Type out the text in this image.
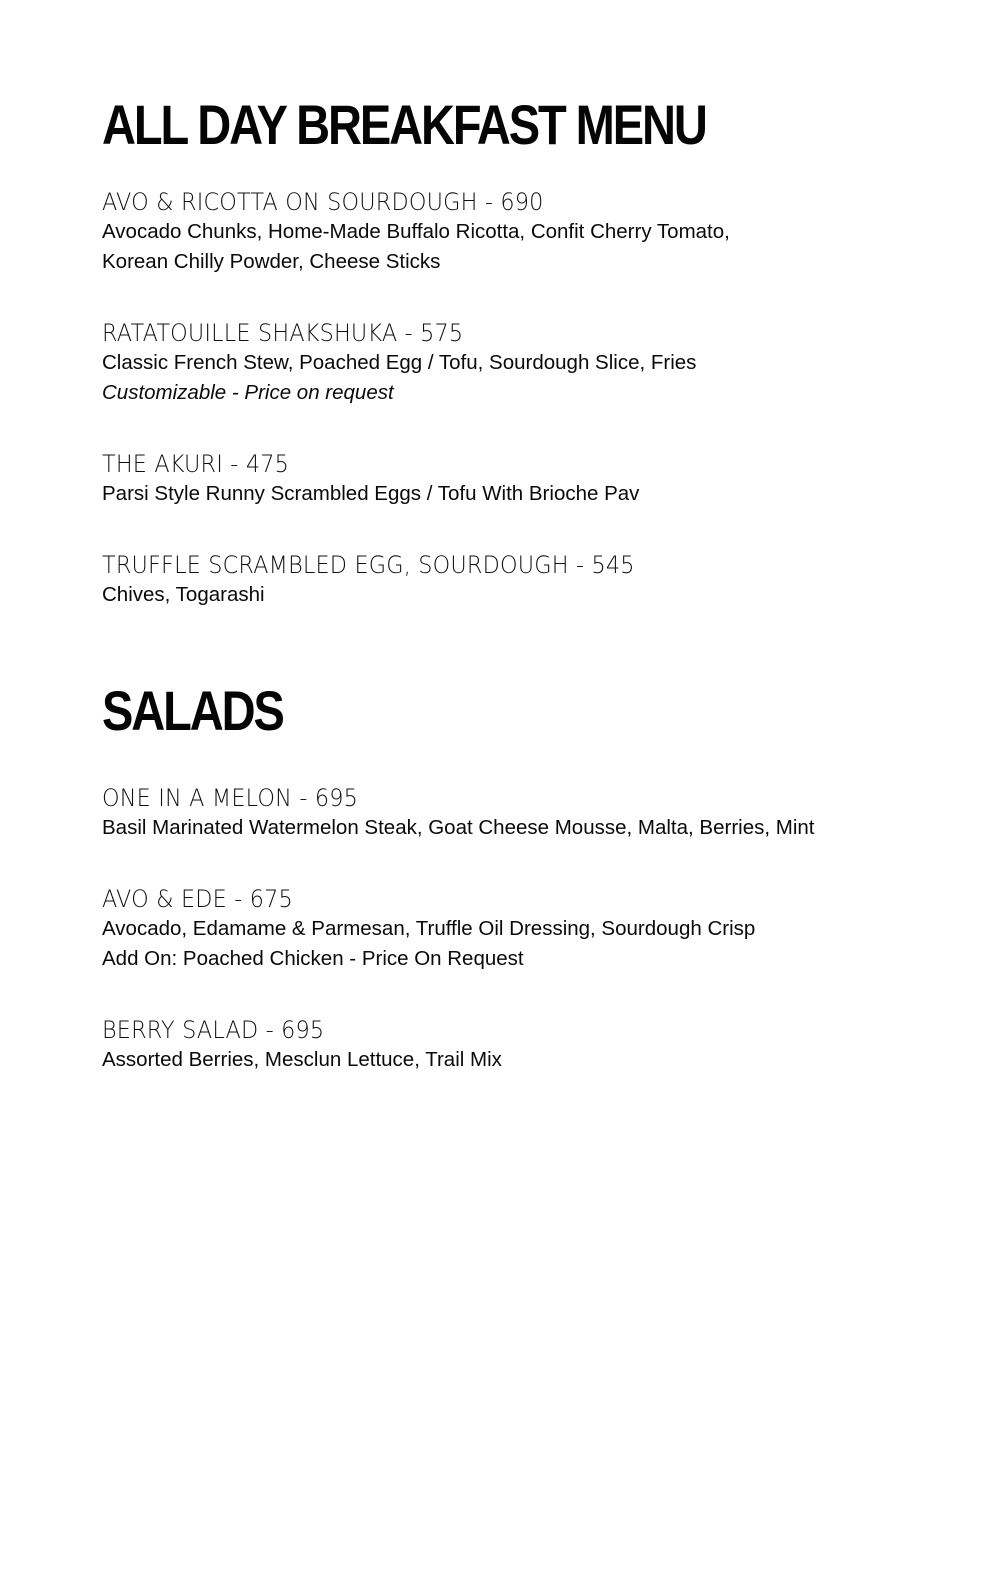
ALL DAY BREAKFAST MENU
AVO & RICOTTA ON SOURDOUGH - 690
Avocado Chunks, Home-Made Buffalo Ricotta, Confit Cherry Tomato,
Korean Chilly Powder, Cheese Sticks
RATATOUILLE SHAKSHUKA - 575
Classic French Stew, Poached Egg / Tofu, Sourdough Slice, Fries
Customizable - Price on request
THE AKURI - 475
Parsi Style Runny Scrambled Eggs / Tofu With Brioche Pav
TRUFFLE SCRAMBLED EGG, SOURDOUGH - 545
Chives, Togarashi
SALADS
ONE IN A MELON - 695
Basil Marinated Watermelon Steak, Goat Cheese Mousse, Malta, Berries, Mint
AVO & EDE - 675
Avocado, Edamame & Parmesan, Truffle Oil Dressing, Sourdough Crisp
Add On: Poached Chicken - Price On Request
BERRY SALAD - 695
Assorted Berries, Mesclun Lettuce, Trail Mix
